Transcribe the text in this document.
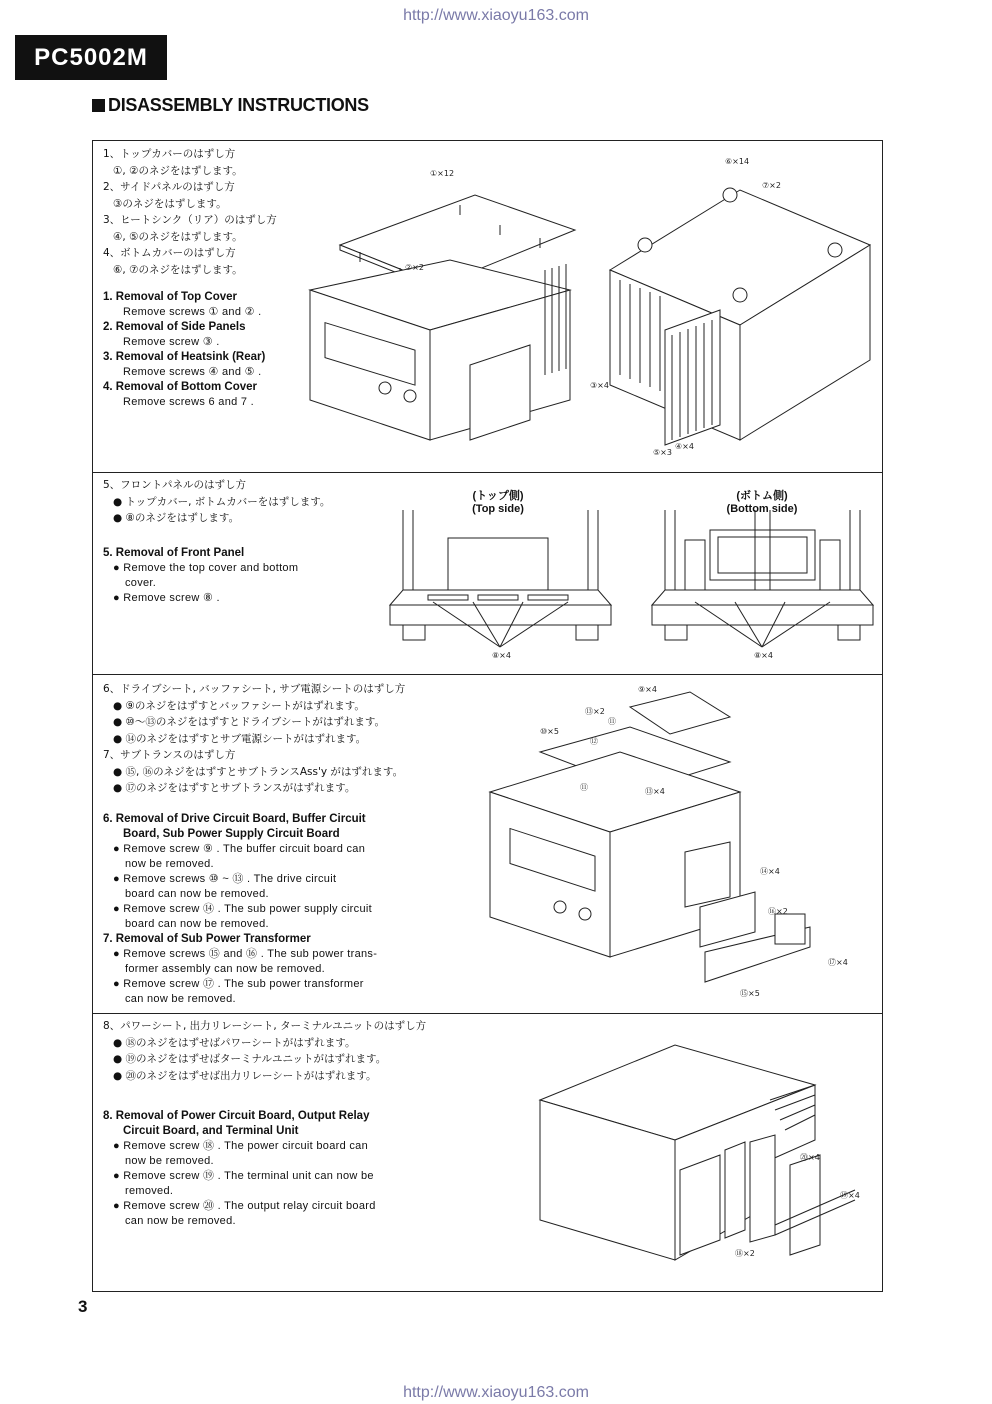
http://www.xiaoyu163.com
http://www.xiaoyu163.com
PC5002M
DISASSEMBLY INSTRUCTIONS
1、トップカバーのはずし方
①, ②のネジをはずします。
2、サイドパネルのはずし方
③のネジをはずします。
3、ヒートシンク（リア）のはずし方
④, ⑤のネジをはずします。
4、ボトムカバーのはずし方
⑥, ⑦のネジをはずします。
1. Removal of Top Cover
Remove screws ① and ② .
2. Removal of Side Panels
Remove screw ③ .
3. Removal of Heatsink (Rear)
Remove screws ④ and ⑤ .
4. Removal of Bottom Cover
Remove screws 6 and 7 .
①×12
⑥×14
⑦×2
②×2
③×4
④×4
⑤×3
5、フロントパネルのはずし方
● トップカバー, ボトムカバーをはずします。
● ⑧のネジをはずします。
5. Removal of Front Panel
● Remove the top cover and bottom
cover.
● Remove screw ⑧ .
(トップ側)
(Top side)
(ボトム側)
(Bottom side)
⑧×4	⑧×4
6、ドライブシート, バッファシート, サブ電源シートのはずし方
● ⑨のネジをはずすとバッファシートがはずれます。
● ⑩～⑬のネジをはずすとドライブシートがはずれます。
● ⑭のネジをはずすとサブ電源シートがはずれます。
7、サブトランスのはずし方
● ⑮, ⑯のネジをはずすとサブトランスAss'y がはずれます。
● ⑰のネジをはずすとサブトランスがはずれます。
6. Removal of Drive Circuit Board, Buffer Circuit
Board, Sub Power Supply Circuit Board
● Remove screw ⑨ . The buffer circuit board can
now be removed.
● Remove screws ⑩ ~ ⑬ . The drive circuit
board can now be removed.
● Remove screw ⑭ . The sub power supply circuit
board can now be removed.
7. Removal of Sub Power Transformer
● Remove screws ⑮ and ⑯ . The sub power trans-
former assembly can now be removed.
● Remove screw ⑰ . The sub power transformer
can now be removed.
⑨×4
⑬×2
⑪
⑩×5
⑫
⑪	⑬×4
⑭×4
⑯×2
⑰×4
⑮×5
8、パワーシート, 出力リレーシート, ターミナルユニットのはずし方
● ⑱のネジをはずせばパワーシートがはずれます。
● ⑲のネジをはずせばターミナルユニットがはずれます。
● ⑳のネジをはずせば出力リレーシートがはずれます。
8. Removal of Power Circuit Board, Output Relay
Circuit Board, and Terminal Unit
● Remove screw ⑱ . The power circuit board can
now be removed.
● Remove screw ⑲ . The terminal unit can now be
removed.
● Remove screw ⑳ . The output relay circuit board
can now be removed.
⑳×4
⑲×4
⑱×2
3
